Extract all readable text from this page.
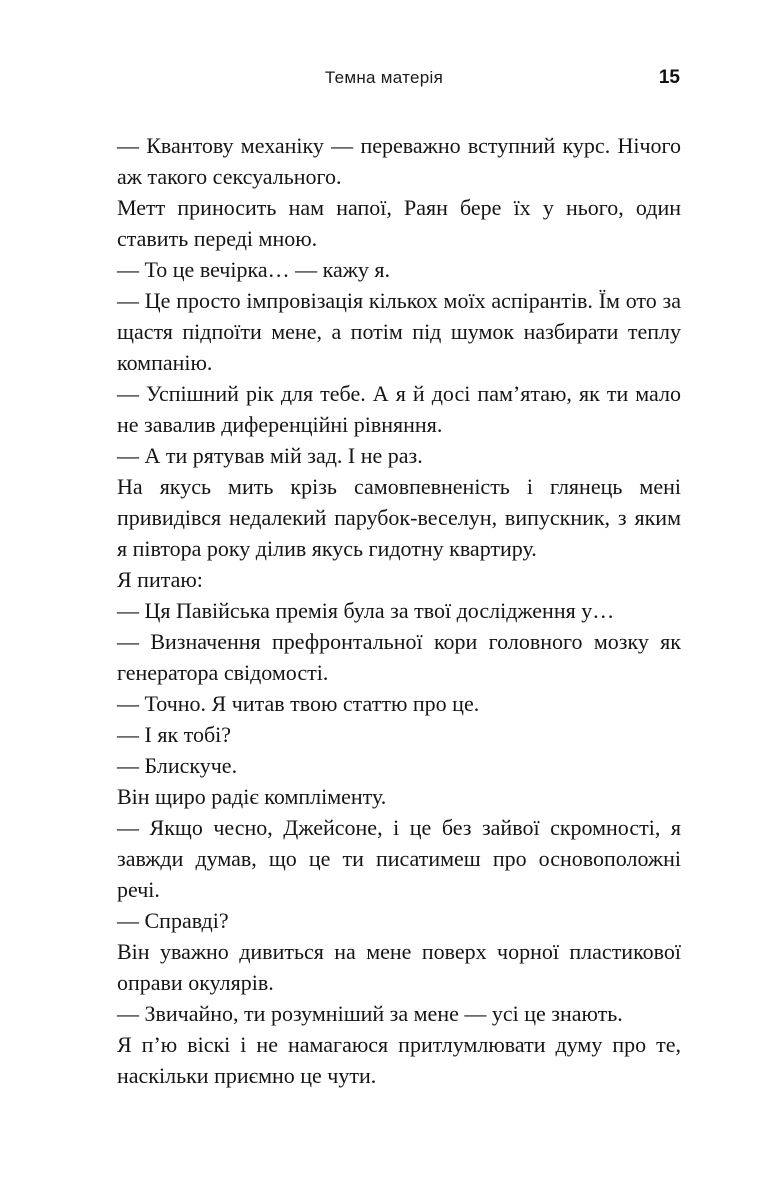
Темна матерія	15

— Квантову механіку — переважно вступний курс. Нічого аж такого сексуального.

Метт приносить нам напої, Раян бере їх у нього, один ставить переді мною.

— То це вечірка… — кажу я.

— Це просто імпровізація кількох моїх аспірантів. Їм ото за щастя підпоїти мене, а потім під шумок назбирати теплу компанію.

— Успішний рік для тебе. А я й досі пам’ятаю, як ти мало не завалив диференційні рівняння.

— А ти рятував мій зад. І не раз.

На якусь мить крізь самовпевненість і глянець мені привидівся недалекий парубок-веселун, випускник, з яким я півтора року ділив якусь гидотну квартиру.

Я питаю:

— Ця Павійська премія була за твої дослідження у…

— Визначення префронтальної кори головного мозку як генератора свідомості.

— Точно. Я читав твою статтю про це.

— І як тобі?

— Блискуче.

Він щиро радіє компліменту.

— Якщо чесно, Джейсоне, і це без зайвої скромності, я завжди думав, що це ти писатимеш про основоположні речі.

— Справді?

Він уважно дивиться на мене поверх чорної пластикової оправи окулярів.

— Звичайно, ти розумніший за мене — усі це знають.

Я п’ю віскі і не намагаюся притлумлювати думу про те, наскільки приємно це чути.
